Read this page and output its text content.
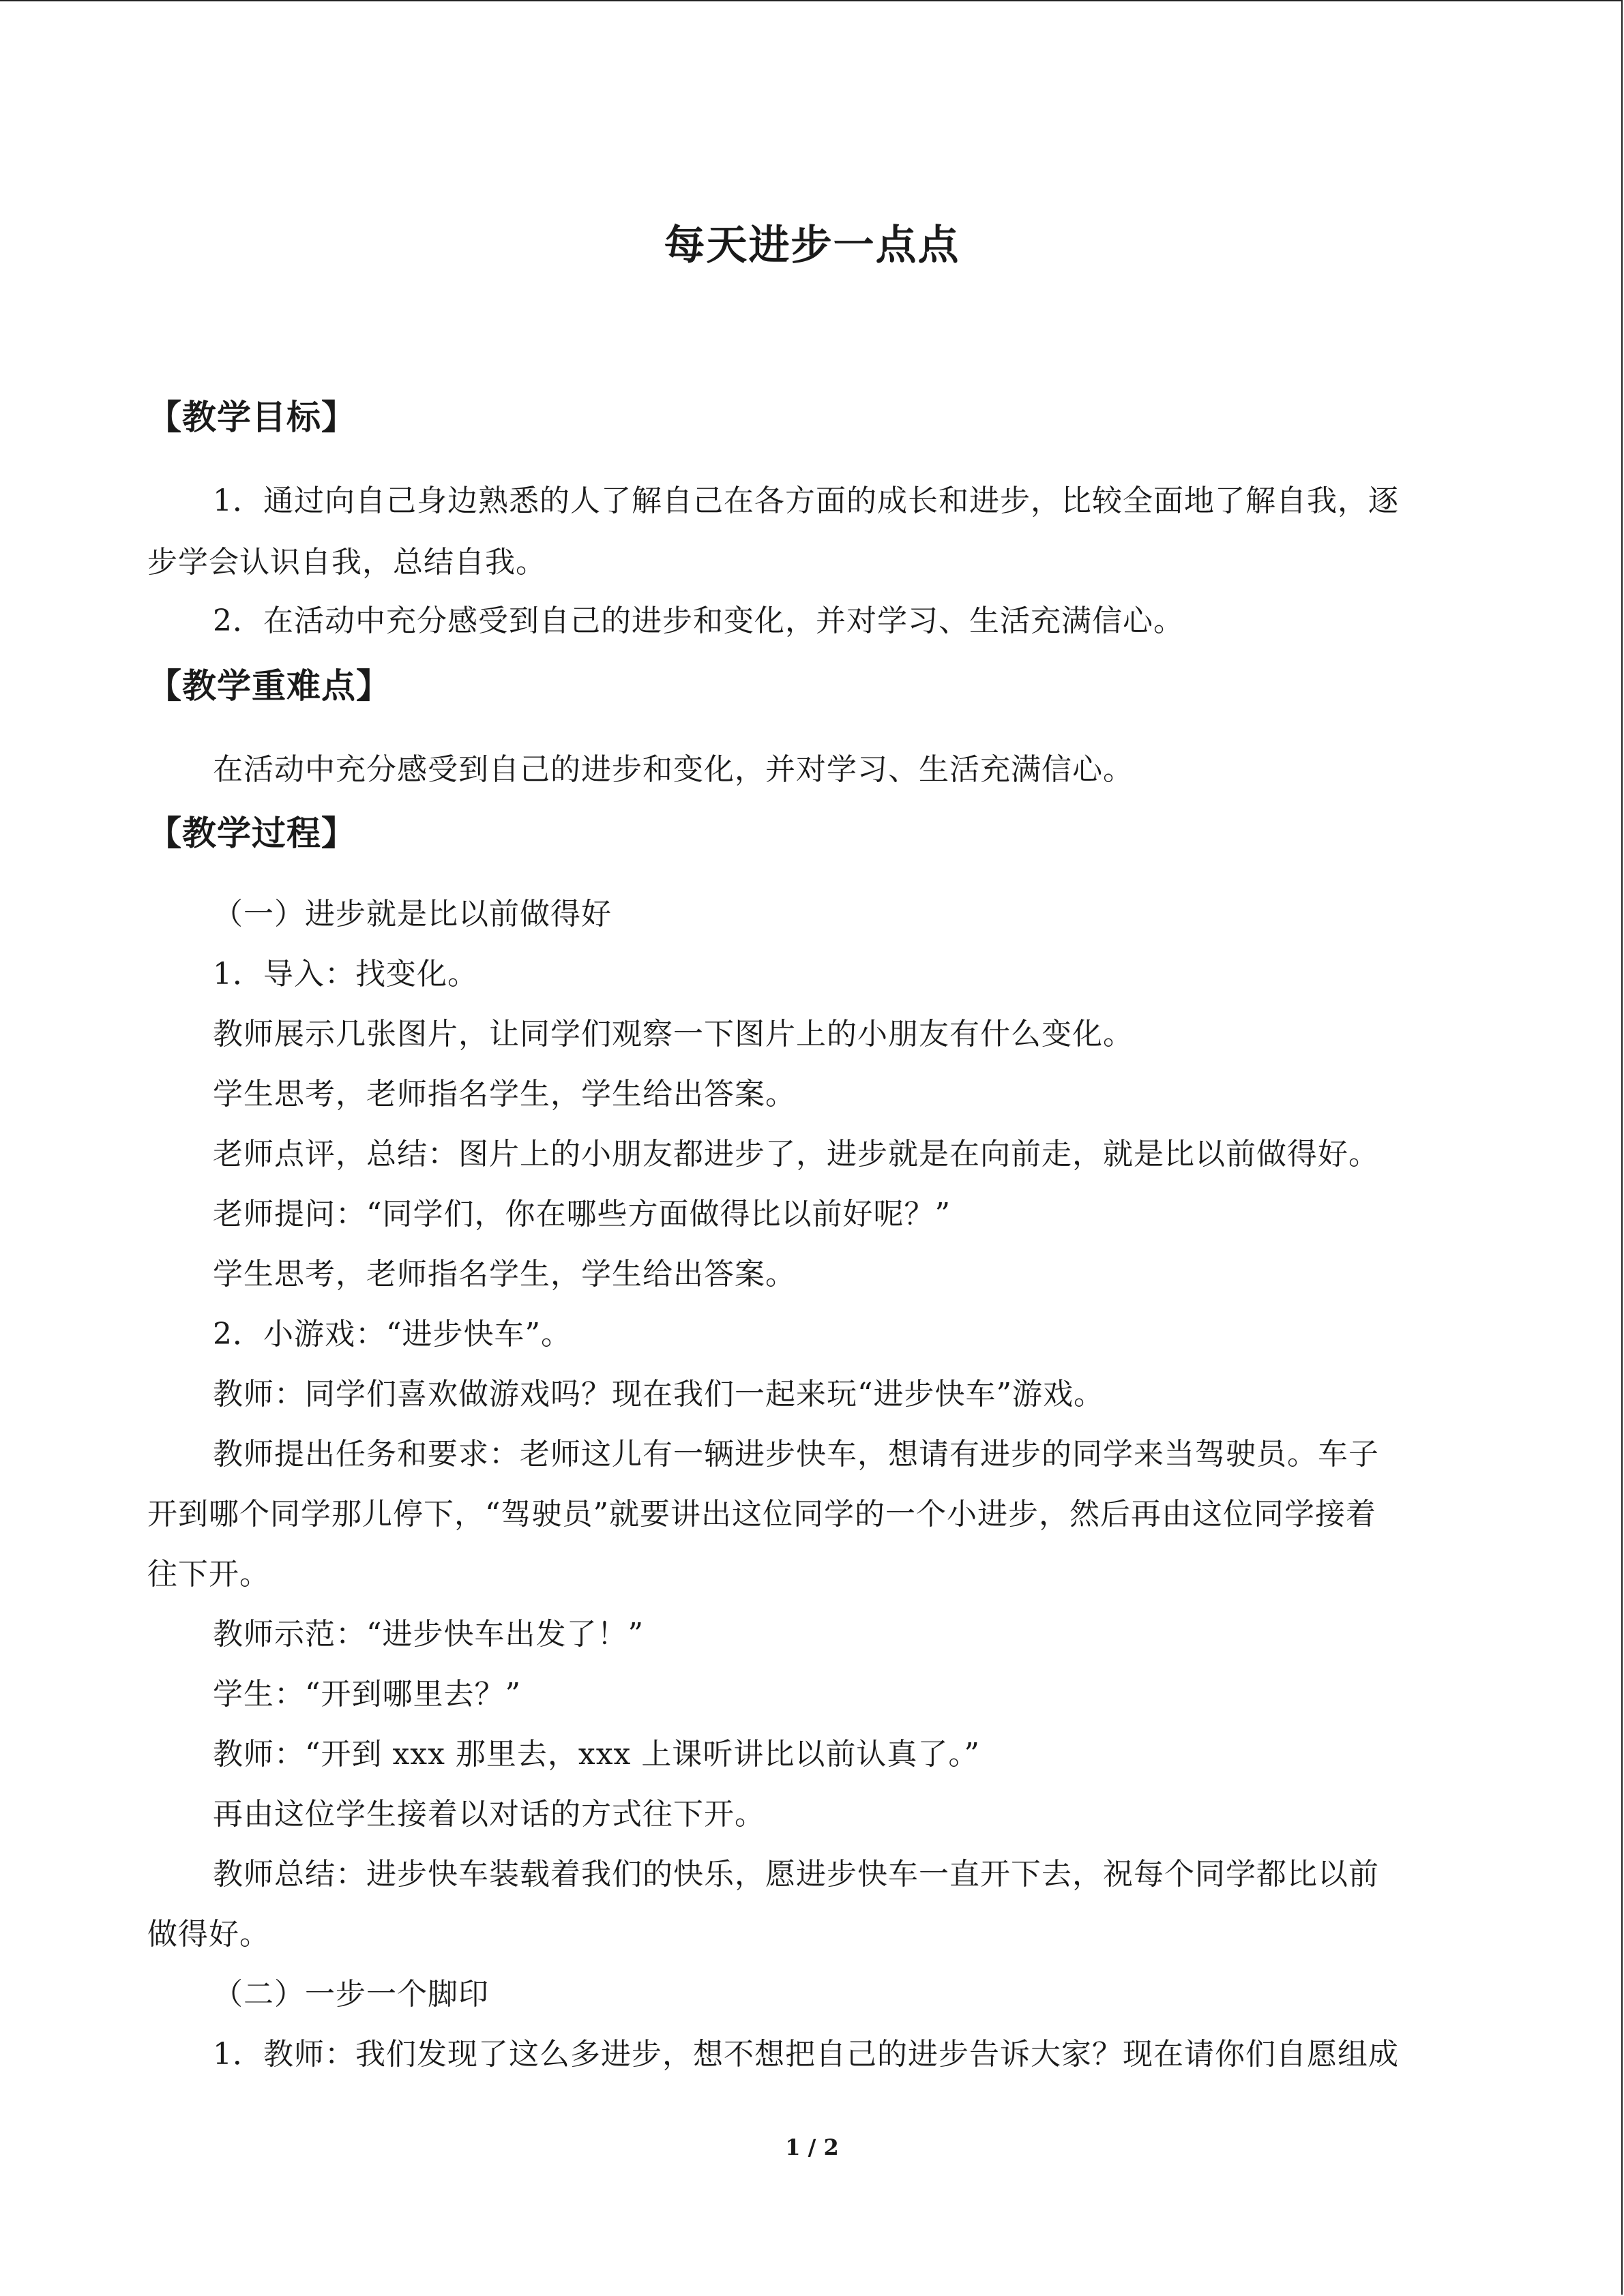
每天进步一点点
【教学目标】
1．通过向自己身边熟悉的人了解自己在各方面的成长和进步，比较全面地了解自我，逐
步学会认识自我，总结自我。
2．在活动中充分感受到自己的进步和变化，并对学习、生活充满信心。
【教学重难点】
在活动中充分感受到自己的进步和变化，并对学习、生活充满信心。
【教学过程】
（一）进步就是比以前做得好
1．导入：找变化。
教师展示几张图片，让同学们观察一下图片上的小朋友有什么变化。
学生思考，老师指名学生，学生给出答案。
老师点评，总结：图片上的小朋友都进步了，进步就是在向前走，就是比以前做得好。
老师提问：“同学们，你在哪些方面做得比以前好呢？”
学生思考，老师指名学生，学生给出答案。
2．小游戏：“进步快车”。
教师：同学们喜欢做游戏吗？现在我们一起来玩“进步快车”游戏。
教师提出任务和要求：老师这儿有一辆进步快车，想请有进步的同学来当驾驶员。车子
开到哪个同学那儿停下，“驾驶员”就要讲出这位同学的一个小进步，然后再由这位同学接着
往下开。
教师示范：“进步快车出发了！”
学生：“开到哪里去？”
教师：“开到 xxx 那里去，xxx 上课听讲比以前认真了。”
再由这位学生接着以对话的方式往下开。
教师总结：进步快车装载着我们的快乐，愿进步快车一直开下去，祝每个同学都比以前
做得好。
（二）一步一个脚印
1．教师：我们发现了这么多进步，想不想把自己的进步告诉大家？现在请你们自愿组成
1 / 2
